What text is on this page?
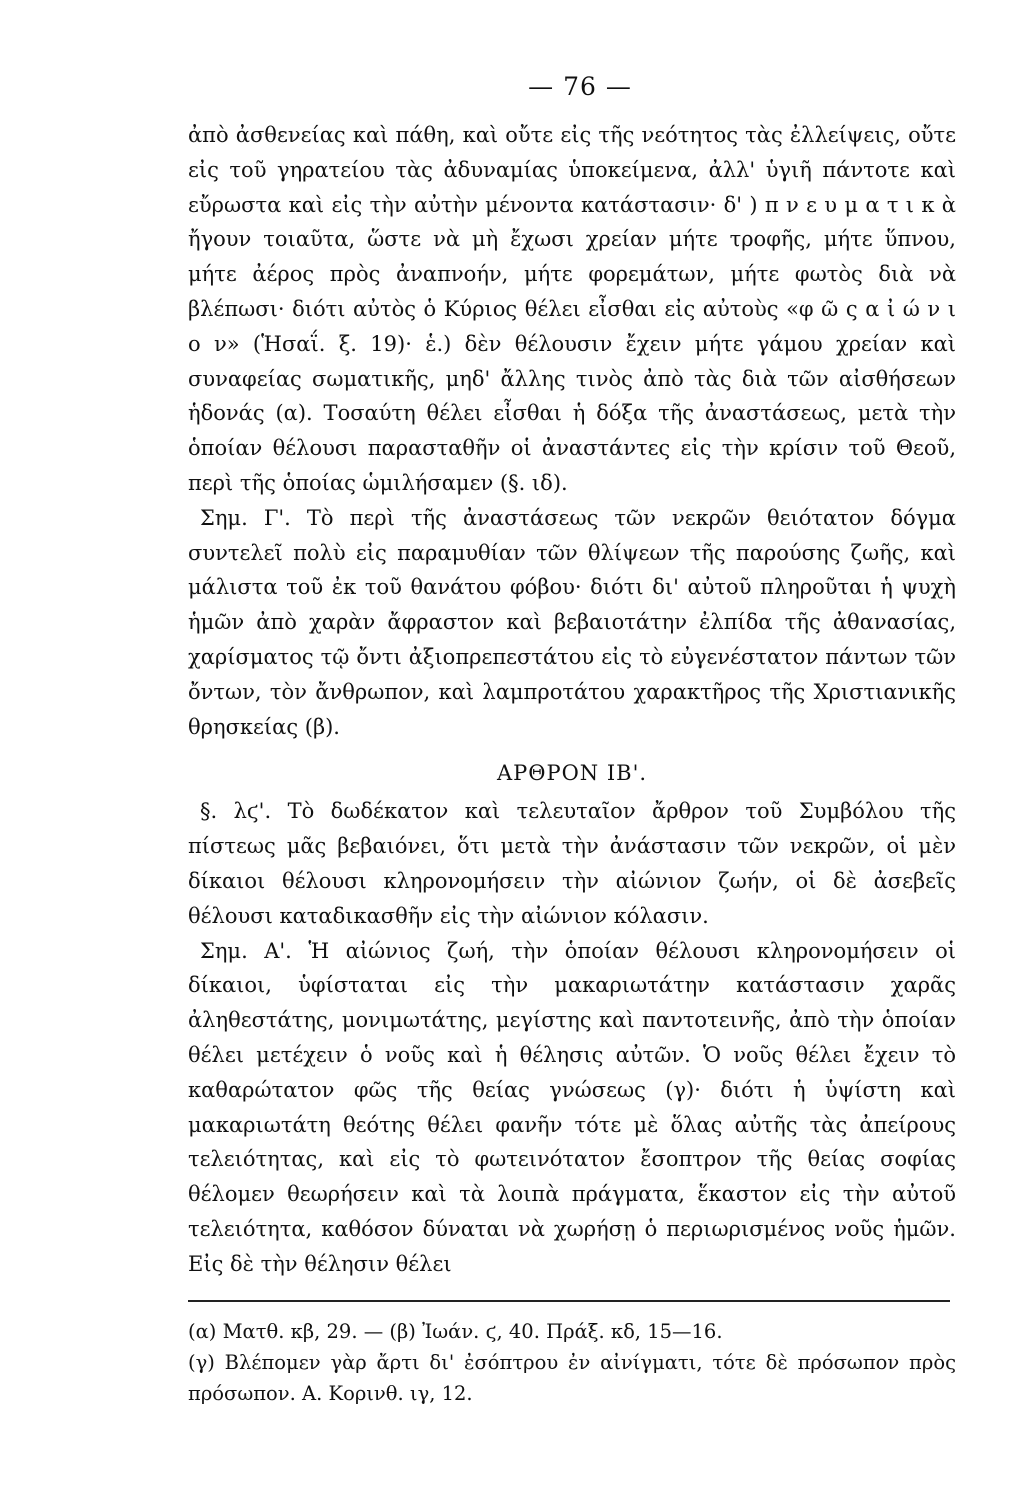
— 76 —

ἀπὸ ἀσθενείας καὶ πάθη, καὶ οὔτε εἰς τῆς νεότητος τὰς ἐλλείψεις, οὔτε εἰς τοῦ γηρατείου τὰς ἀδυναμίας ὑποκείμενα, ἀλλ' ὑγιῆ πάντοτε καὶ εὔρωστα καὶ εἰς τὴν αὐτὴν μένοντα κατάστασιν· δ' ) π ν ε υ μ α τ ι κ ὰ ἤγουν τοιαῦτα, ὥστε νὰ μὴ ἔχωσι χρείαν μήτε τροφῆς, μήτε ὕπνου, μήτε ἀέρος πρὸς ἀναπνοήν, μήτε φορεμάτων, μήτε φωτὸς διὰ νὰ βλέπωσι· διότι αὐτὸς ὁ Κύριος θέλει εἶσθαι εἰς αὐτοὺς «φ ῶ ς α ἰ ώ ν ι ο ν» (Ἡσαΐ. ξ. 19)· ἑ.) δὲν θέλουσιν ἔχειν μήτε γάμου χρείαν καὶ συναφείας σωματικῆς, μηδ' ἄλλης τινὸς ἀπὸ τὰς διὰ τῶν αἰσθήσεων ἡδονάς (α). Τοσαύτη θέλει εἶσθαι ἡ δόξα τῆς ἀναστάσεως, μετὰ τὴν ὁποίαν θέλουσι παρασταθῆν οἱ ἀναστάντες εἰς τὴν κρίσιν τοῦ Θεοῦ, περὶ τῆς ὁποίας ὡμιλήσαμεν (§. ιδ).

Σημ. Γ'. Τὸ περὶ τῆς ἀναστάσεως τῶν νεκρῶν θειότατον δόγμα συντελεῖ πολὺ εἰς παραμυθίαν τῶν θλίψεων τῆς παρούσης ζωῆς, καὶ μάλιστα τοῦ ἐκ τοῦ θανάτου φόβου· διότι δι' αὐτοῦ πληροῦται ἡ ψυχὴ ἡμῶν ἀπὸ χαρὰν ἄφραστον καὶ βεβαιοτάτην ἐλπίδα τῆς ἀθανασίας, χαρίσματος τῷ ὄντι ἀξιοπρεπεστάτου εἰς τὸ εὐγενέστατον πάντων τῶν ὄντων, τὸν ἄνθρωπον, καὶ λαμπροτάτου χαρακτῆρος τῆς Χριστιανικῆς θρησκείας (β).

ΑΡΘΡΟΝ ΙΒ'.

§. λϛ'. Τὸ δωδέκατον καὶ τελευταῖον ἄρθρον τοῦ Συμβόλου τῆς πίστεως μᾶς βεβαιόνει, ὅτι μετὰ τὴν ἀνάστασιν τῶν νεκρῶν, οἱ μὲν δίκαιοι θέλουσι κληρονομήσειν τὴν αἰώνιον ζωήν, οἱ δὲ ἀσεβεῖς θέλουσι καταδικασθῆν εἰς τὴν αἰώνιον κόλασιν.

Σημ. Α'. Ἡ αἰώνιος ζωή, τὴν ὁποίαν θέλουσι κληρονομήσειν οἱ δίκαιοι, ὑφίσταται εἰς τὴν μακαριωτάτην κατάστασιν χαρᾶς ἀληθεστάτης, μονιμωτάτης, μεγίστης καὶ παντοτεινῆς, ἀπὸ τὴν ὁποίαν θέλει μετέχειν ὁ νοῦς καὶ ἡ θέλησις αὐτῶν. Ὁ νοῦς θέλει ἔχειν τὸ καθαρώτατον φῶς τῆς θείας γνώσεως (γ)· διότι ἡ ὑψίστη καὶ μακαριωτάτη θεότης θέλει φανῆν τότε μὲ ὅλας αὐτῆς τὰς ἀπείρους τελειότητας, καὶ εἰς τὸ φωτεινότατον ἔσοπτρον τῆς θείας σοφίας θέλομεν θεωρήσειν καὶ τὰ λοιπὰ πράγματα, ἕκαστον εἰς τὴν αὐτοῦ τελειότητα, καθόσον δύναται νὰ χωρήσῃ ὁ περιωρισμένος νοῦς ἡμῶν. Εἰς δὲ τὴν θέλησιν θέλει

(α) Ματθ. κβ, 29. — (β) Ἰωάν. ϛ, 40. Πράξ. κδ, 15—16.

(γ) Βλέπομεν γὰρ ἄρτι δι' ἐσόπτρου ἐν αἰνίγματι, τότε δὲ πρόσωπον πρὸς πρόσωπον. Α. Κορινθ. ιγ, 12.
